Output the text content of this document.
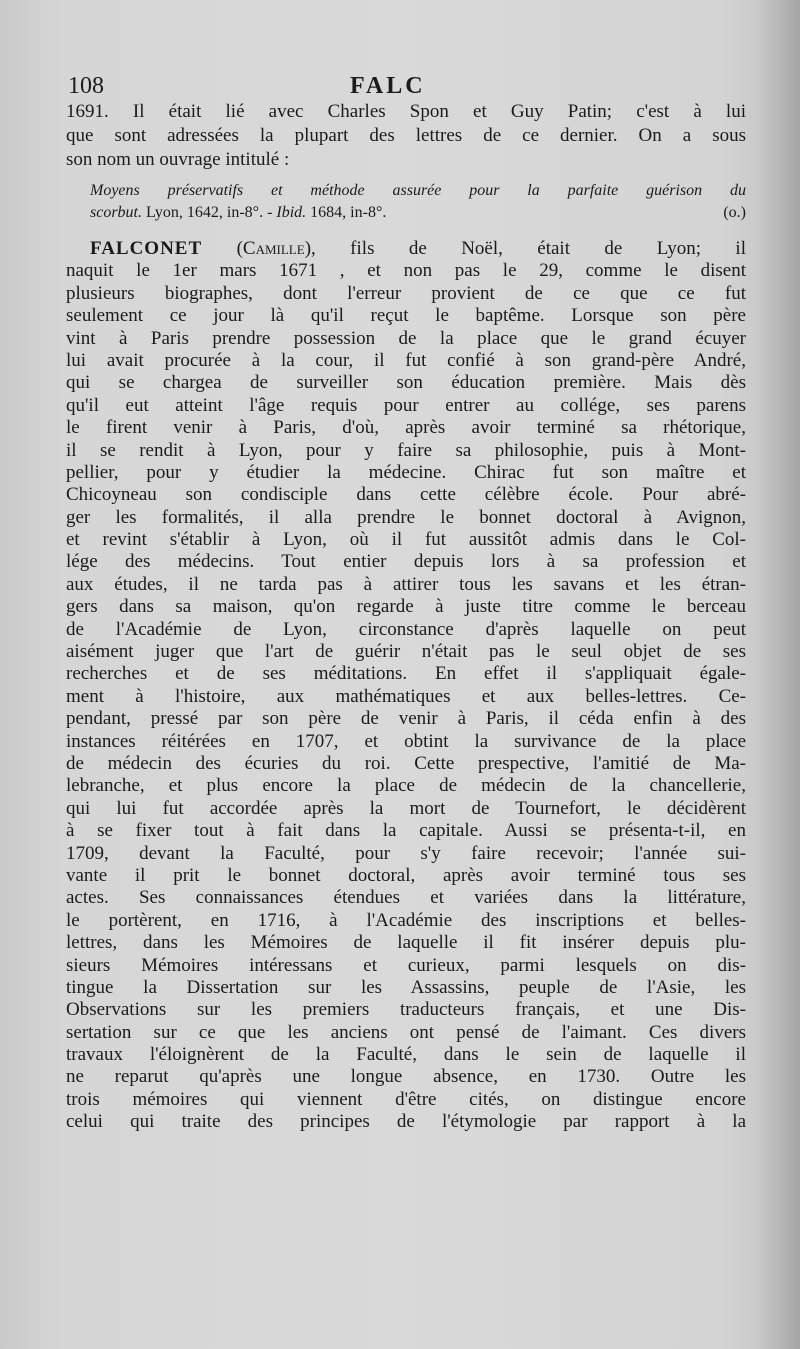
108	FALC
1691. Il était lié avec Charles Spon et Guy Patin; c'est à lui
que sont adressées la plupart des lettres de ce dernier. On a sous
son nom un ouvrage intitulé :
Moyens préservatifs et méthode assurée pour la parfaite guérison du
scorbut. Lyon, 1642, in-8°. - Ibid. 1684, in-8°.	(o.)
FALCONET (Camille), fils de Noël, était de Lyon; il
naquit le 1er mars 1671 , et non pas le 29, comme le disent
plusieurs biographes, dont l'erreur provient de ce que ce fut
seulement ce jour là qu'il reçut le baptême. Lorsque son père
vint à Paris prendre possession de la place que le grand écuyer
lui avait procurée à la cour, il fut confié à son grand-père André,
qui se chargea de surveiller son éducation première. Mais dès
qu'il eut atteint l'âge requis pour entrer au collége, ses parens
le firent venir à Paris, d'où, après avoir terminé sa rhétorique,
il se rendit à Lyon, pour y faire sa philosophie, puis à Mont-
pellier, pour y étudier la médecine. Chirac fut son maître et
Chicoyneau son condisciple dans cette célèbre école. Pour abré-
ger les formalités, il alla prendre le bonnet doctoral à Avignon,
et revint s'établir à Lyon, où il fut aussitôt admis dans le Col-
lége des médecins. Tout entier depuis lors à sa profession et
aux études, il ne tarda pas à attirer tous les savans et les étran-
gers dans sa maison, qu'on regarde à juste titre comme le berceau
de l'Académie de Lyon, circonstance d'après laquelle on peut
aisément juger que l'art de guérir n'était pas le seul objet de ses
recherches et de ses méditations. En effet il s'appliquait égale-
ment à l'histoire, aux mathématiques et aux belles-lettres. Ce-
pendant, pressé par son père de venir à Paris, il céda enfin à des
instances réitérées en 1707, et obtint la survivance de la place
de médecin des écuries du roi. Cette prespective, l'amitié de Ma-
lebranche, et plus encore la place de médecin de la chancellerie,
qui lui fut accordée après la mort de Tournefort, le décidèrent
à se fixer tout à fait dans la capitale. Aussi se présenta-t-il, en
1709, devant la Faculté, pour s'y faire recevoir; l'année sui-
vante il prit le bonnet doctoral, après avoir terminé tous ses
actes. Ses connaissances étendues et variées dans la littérature,
le portèrent, en 1716, à l'Académie des inscriptions et belles-
lettres, dans les Mémoires de laquelle il fit insérer depuis plu-
sieurs Mémoires intéressans et curieux, parmi lesquels on dis-
tingue la Dissertation sur les Assassins, peuple de l'Asie, les
Observations sur les premiers traducteurs français, et une Dis-
sertation sur ce que les anciens ont pensé de l'aimant. Ces divers
travaux l'éloignèrent de la Faculté, dans le sein de laquelle il
ne reparut qu'après une longue absence, en 1730. Outre les
trois mémoires qui viennent d'être cités, on distingue encore
celui qui traite des principes de l'étymologie par rapport à la
